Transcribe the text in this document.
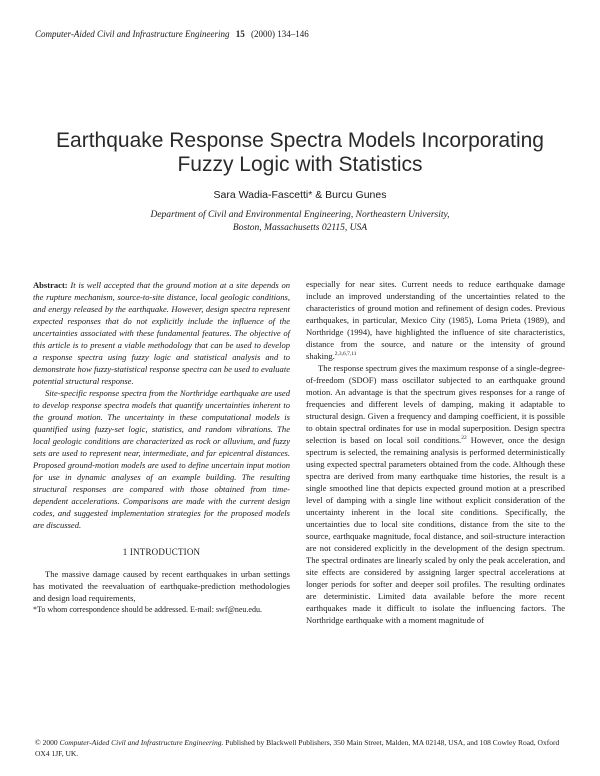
Computer-Aided Civil and Infrastructure Engineering 15 (2000) 134–146
Earthquake Response Spectra Models Incorporating
Fuzzy Logic with Statistics
Sara Wadia-Fascetti* & Burcu Gunes
Department of Civil and Environmental Engineering, Northeastern University,
Boston, Massachusetts 02115, USA

Abstract: It is well accepted that the ground motion at a site depends on the rupture mechanism, source-to-site distance, local geologic conditions, and energy released by the earthquake. However, design spectra represent expected responses that do not explicitly include the influence of the uncertainties associated with these fundamental features. The objective of this article is to present a viable methodology that can be used to develop a response spectra using fuzzy logic and statistical analysis and to demonstrate how fuzzy-statistical response spectra can be used to evaluate potential structural response.

Site-specific response spectra from the Northridge earthquake are used to develop response spectra models that quantify uncertainties inherent to the ground motion. The uncertainty in these computational models is quantified using fuzzy-set logic, statistics, and random vibrations. The local geologic conditions are characterized as rock or alluvium, and fuzzy sets are used to represent near, intermediate, and far epicentral distances. Proposed ground-motion models are used to define uncertain input motion for use in dynamic analyses of an example building. The resulting structural responses are compared with those obtained from time-dependent accelerations. Comparisons are made with the current design codes, and suggested implementation strategies for the proposed models are discussed.

1 INTRODUCTION

The massive damage caused by recent earthquakes in urban settings has motivated the reevaluation of earthquake-prediction methodologies and design load requirements,

*To whom correspondence should be addressed. E-mail: swf@neu.edu.

especially for near sites. Current needs to reduce earthquake damage include an improved understanding of the uncertainties related to the characteristics of ground motion and refinement of design codes. Previous earthquakes, in particular, Mexico City (1985), Loma Prieta (1989), and Northridge (1994), have highlighted the influence of site characteristics, distance from the source, and nature or the intensity of ground shaking.$^{2,3,6,7,11}$

The response spectrum gives the maximum response of a single-degree-of-freedom (SDOF) mass oscillator subjected to an earthquake ground motion. An advantage is that the spectrum gives responses for a range of frequencies and different levels of damping, making it adaptable to structural design. Given a frequency and damping coefficient, it is possible to obtain spectral ordinates for use in modal superposition. Design spectra selection is based on local soil conditions.$^{22}$ However, once the design spectrum is selected, the remaining analysis is performed deterministically using expected spectral parameters obtained from the code. Although these spectra are derived from many earthquake time histories, the result is a single smoothed line that depicts expected ground motion at a prescribed level of damping with a single line without explicit consideration of the uncertainty inherent in the local site conditions. Specifically, the uncertainties due to local site conditions, distance from the site to the source, earthquake magnitude, focal distance, and soil-structure interaction are not considered explicitly in the development of the design spectrum. The spectral ordinates are linearly scaled by only the peak acceleration, and site effects are considered by assigning larger spectral accelerations at longer periods for softer and deeper soil profiles. The resulting ordinates are deterministic. Limited data available before the more recent earthquakes made it difficult to isolate the influencing factors. The Northridge earthquake with a moment magnitude of

© 2000 Computer-Aided Civil and Infrastructure Engineering. Published by Blackwell Publishers, 350 Main Street, Malden, MA 02148, USA, and 108 Cowley Road, Oxford OX4 1JF, UK.
